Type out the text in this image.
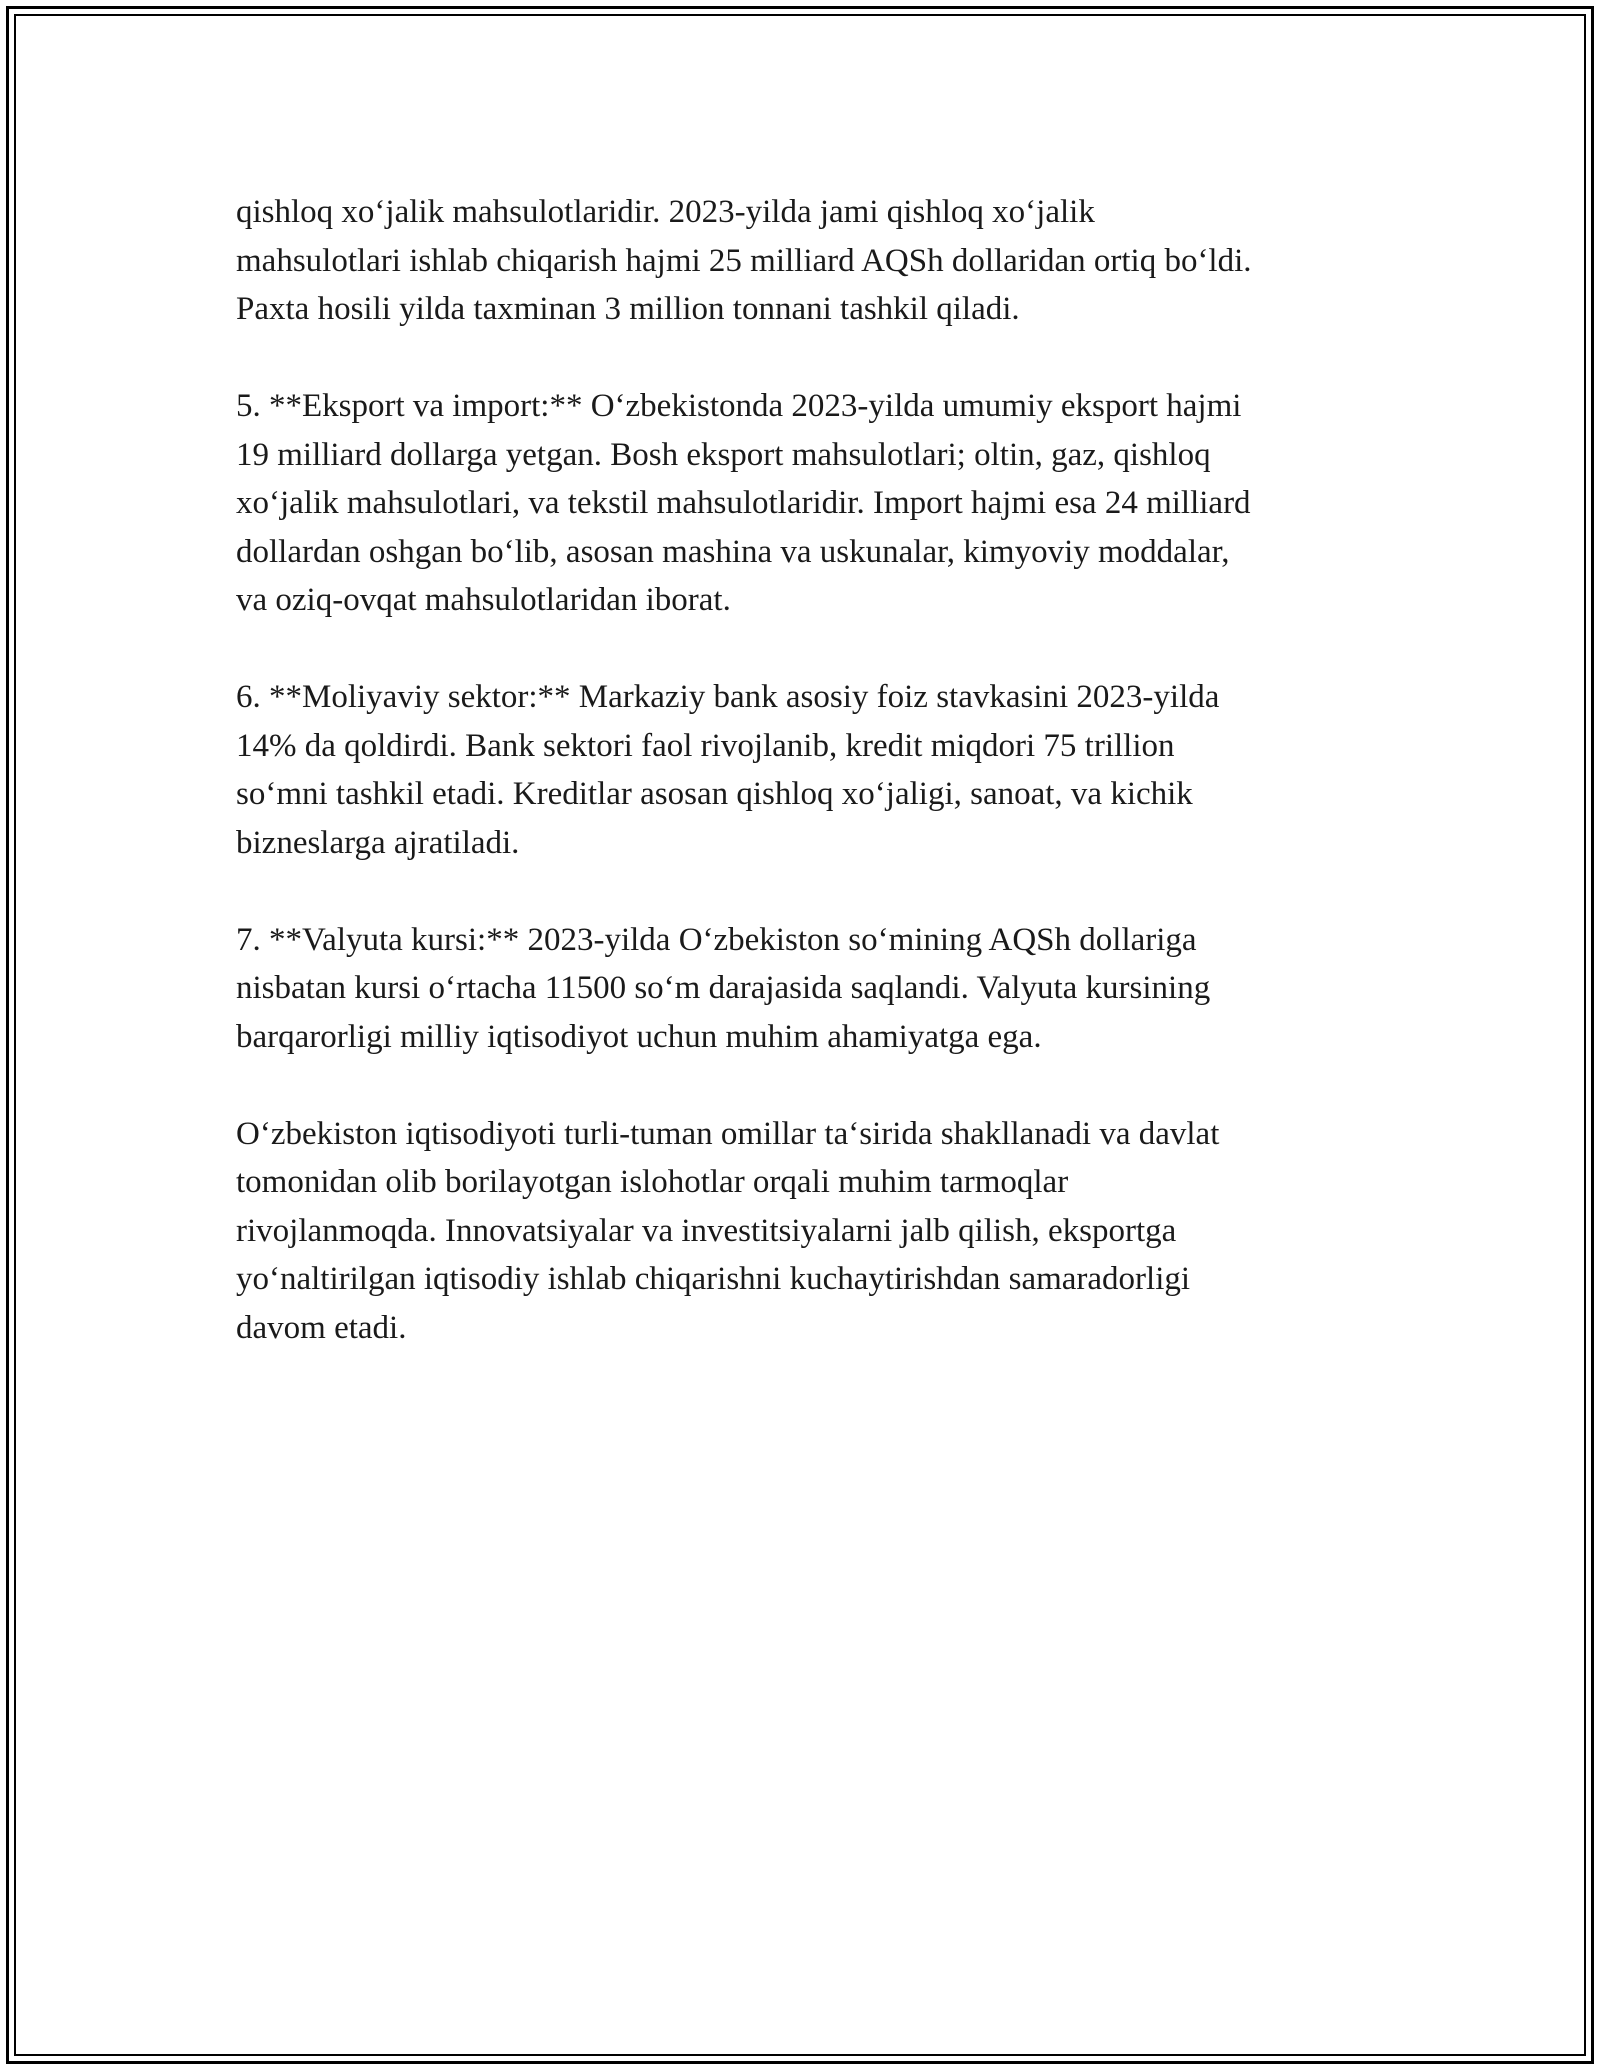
qishloq xo‘jalik mahsulotlaridir. 2023-yilda jami qishloq xo‘jalik
mahsulotlari ishlab chiqarish hajmi 25 milliard AQSh dollaridan ortiq bo‘ldi.
Paxta hosili yilda taxminan 3 million tonnani tashkil qiladi.

5. **Eksport va import:** O‘zbekistonda 2023-yilda umumiy eksport hajmi
19 milliard dollarga yetgan. Bosh eksport mahsulotlari; oltin, gaz, qishloq
xo‘jalik mahsulotlari, va tekstil mahsulotlaridir. Import hajmi esa 24 milliard
dollardan oshgan bo‘lib, asosan mashina va uskunalar, kimyoviy moddalar,
va oziq-ovqat mahsulotlaridan iborat.

6. **Moliyaviy sektor:** Markaziy bank asosiy foiz stavkasini 2023-yilda
14% da qoldirdi. Bank sektori faol rivojlanib, kredit miqdori 75 trillion
so‘mni tashkil etadi. Kreditlar asosan qishloq xo‘jaligi, sanoat, va kichik
bizneslarga ajratiladi.

7. **Valyuta kursi:** 2023-yilda O‘zbekiston so‘mining AQSh dollariga
nisbatan kursi o‘rtacha 11500 so‘m darajasida saqlandi. Valyuta kursining
barqarorligi milliy iqtisodiyot uchun muhim ahamiyatga ega.

O‘zbekiston iqtisodiyoti turli-tuman omillar ta‘sirida shakllanadi va davlat
tomonidan olib borilayotgan islohotlar orqali muhim tarmoqlar
rivojlanmoqda. Innovatsiyalar va investitsiyalarni jalb qilish, eksportga
yo‘naltirilgan iqtisodiy ishlab chiqarishni kuchaytirishdan samaradorligi
davom etadi.
